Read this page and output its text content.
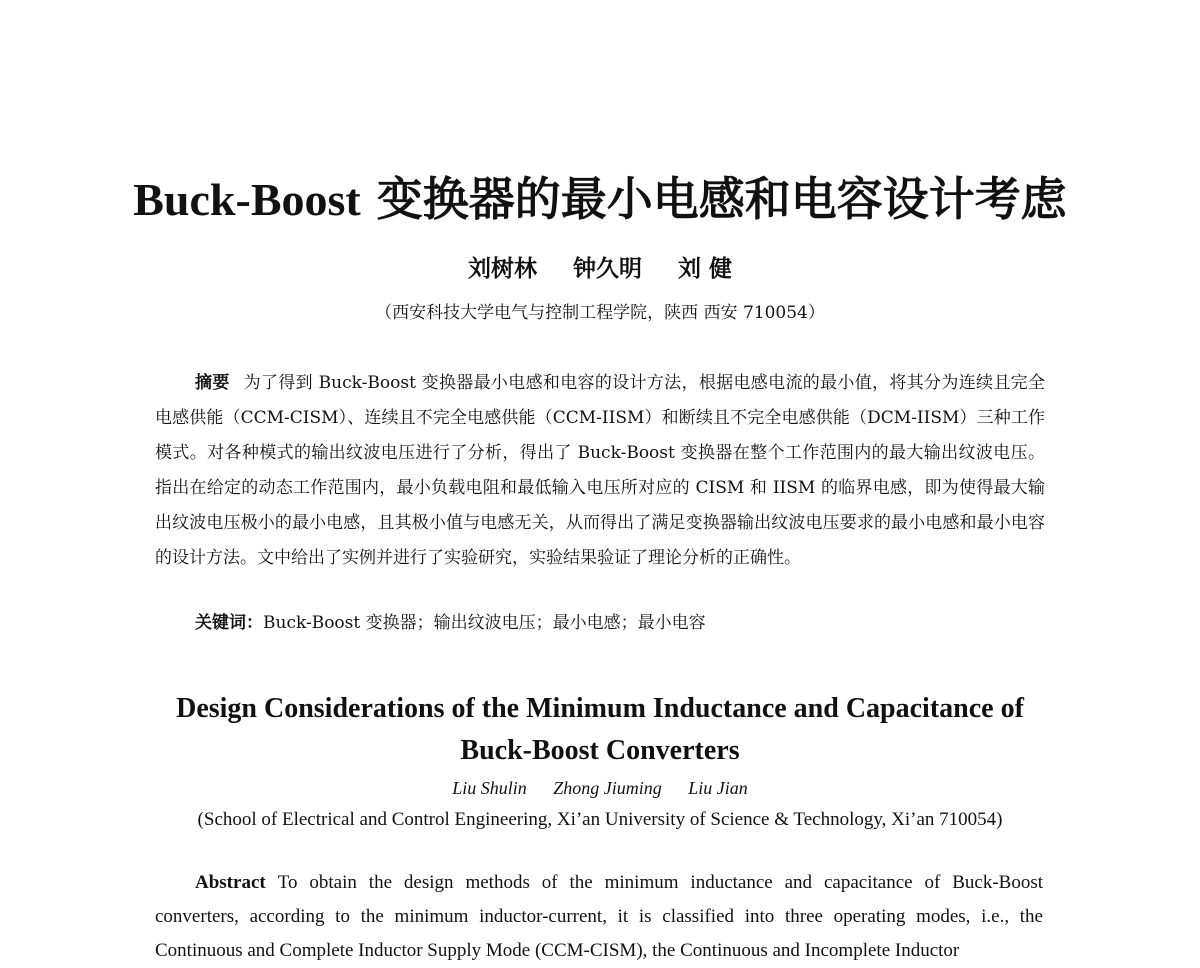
Buck-Boost 变换器的最小电感和电容设计考虑
刘树林 钟久明 刘 健
（西安科技大学电气与控制工程学院，陕西 西安 710054）
摘要 为了得到 Buck-Boost 变换器最小电感和电容的设计方法，根据电感电流的最小值，将其分为连续且完全电感供能（CCM-CISM）、连续且不完全电感供能（CCM-IISM）和断续且不完全电感供能（DCM-IISM）三种工作模式。对各种模式的输出纹波电压进行了分析，得出了 Buck-Boost 变换器在整个工作范围内的最大输出纹波电压。指出在给定的动态工作范围内，最小负载电阻和最低输入电压所对应的 CISM 和 IISM 的临界电感，即为使得最大输出纹波电压极小的最小电感，且其极小值与电感无关，从而得出了满足变换器输出纹波电压要求的最小电感和最小电容的设计方法。文中给出了实例并进行了实验研究，实验结果验证了理论分析的正确性。
关键词：Buck-Boost 变换器；输出纹波电压；最小电感；最小电容
Design Considerations of the Minimum Inductance and Capacitance of
Buck-Boost Converters
Liu Shulin Zhong Jiuming Liu Jian
(School of Electrical and Control Engineering, Xi’an University of Science & Technology, Xi’an 710054)
Abstract To obtain the design methods of the minimum inductance and capacitance of Buck-Boost converters, according to the minimum inductor-current, it is classified into three operating modes, i.e., the Continuous and Complete Inductor Supply Mode (CCM-CISM), the Continuous and Incomplete Inductor
